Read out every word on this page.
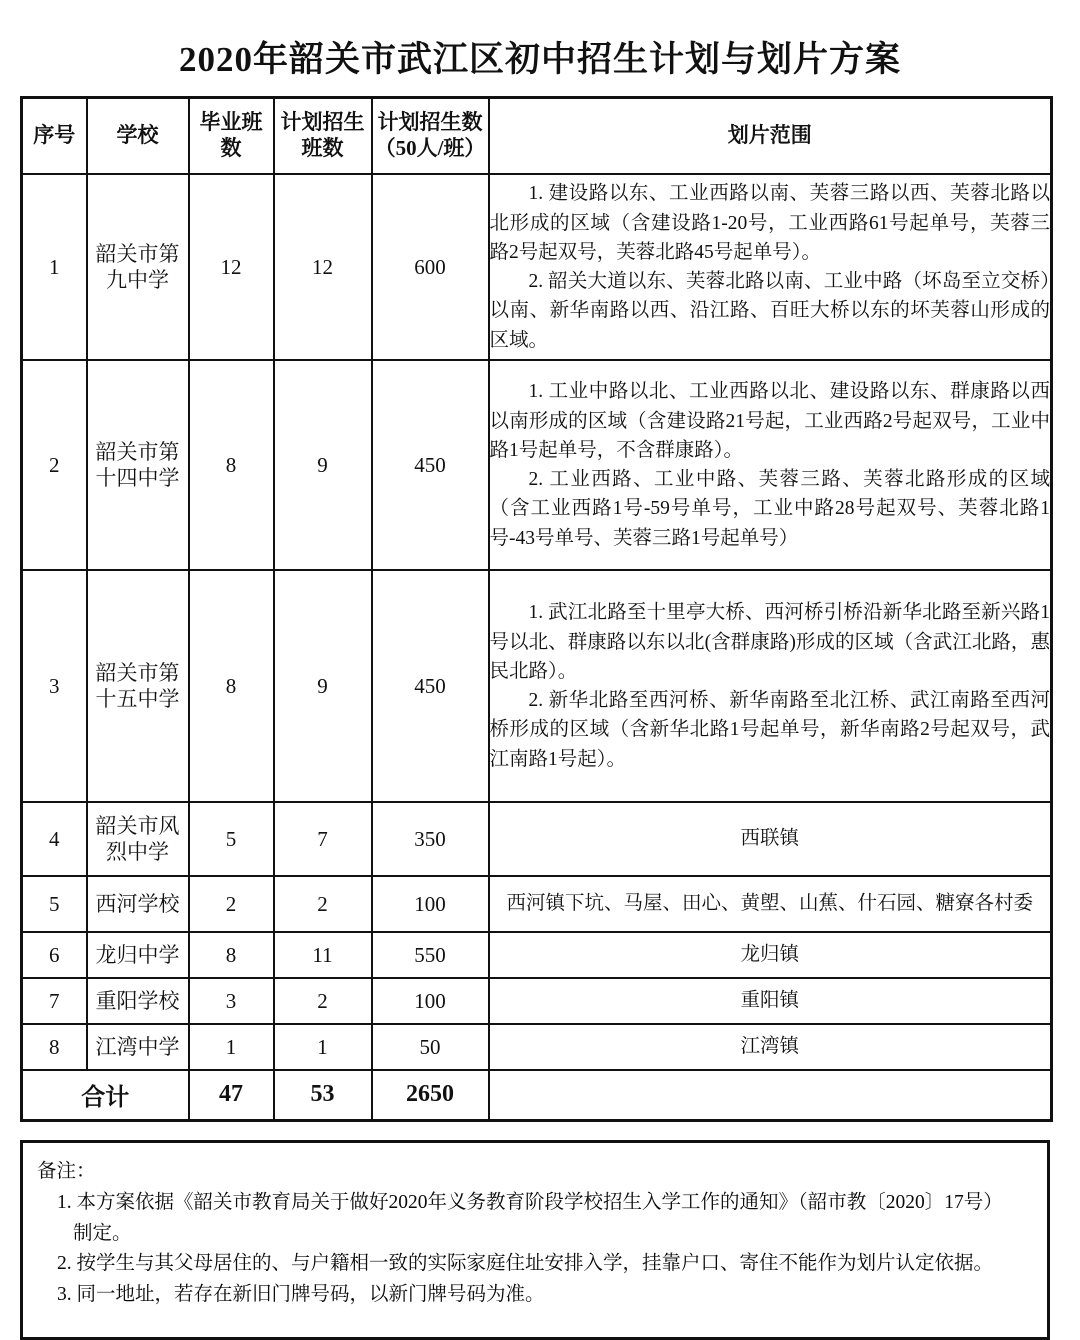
2020年韶关市武江区初中招生计划与划片方案
序号	学校	毕业班数	计划招生班数	计划招生数（50人/班）	划片范围
1	韶关市第九中学	12	12	600	1. 建设路以东、工业西路以南、芙蓉三路以西、芙蓉北路以北形成的区域（含建设路1-20号，工业西路61号起单号，芙蓉三路2号起双号，芙蓉北路45号起单号）。

2. 韶关大道以东、芙蓉北路以南、工业中路（坏岛至立交桥）以南、新华南路以西、沿江路、百旺大桥以东的坏芙蓉山形成的区域。

2	韶关市第十四中学	8	9	450	1. 工业中路以北、工业西路以北、建设路以东、群康路以西以南形成的区域（含建设路21号起，工业西路2号起双号，工业中路1号起单号，不含群康路）。

2. 工业西路、工业中路、芙蓉三路、芙蓉北路形成的区域（含工业西路1号-59号单号，工业中路28号起双号、芙蓉北路1号-43号单号、芙蓉三路1号起单号）

3	韶关市第十五中学	8	9	450	1. 武江北路至十里亭大桥、西河桥引桥沿新华北路至新兴路1号以北、群康路以东以北(含群康路)形成的区域（含武江北路，惠民北路）。

2. 新华北路至西河桥、新华南路至北江桥、武江南路至西河桥形成的区域（含新华北路1号起单号，新华南路2号起双号，武江南路1号起）。

4	韶关市风烈中学	5	7	350	西联镇

5	西河学校	2	2	100	西河镇下坑、马屋、田心、黄塱、山蕉、什石园、糖寮各村委

6	龙归中学	8	11	550	龙归镇

7	重阳学校	3	2	100	重阳镇

8	江湾中学	1	1	50	江湾镇

合计		47	53	2650	

备注：

1. 本方案依据《韶关市教育局关于做好2020年义务教育阶段学校招生入学工作的通知》（韶市教〔2020〕17号）
制定。

2. 按学生与其父母居住的、与户籍相一致的实际家庭住址安排入学，挂靠户口、寄住不能作为划片认定依据。

3. 同一地址，若存在新旧门牌号码，以新门牌号码为准。
